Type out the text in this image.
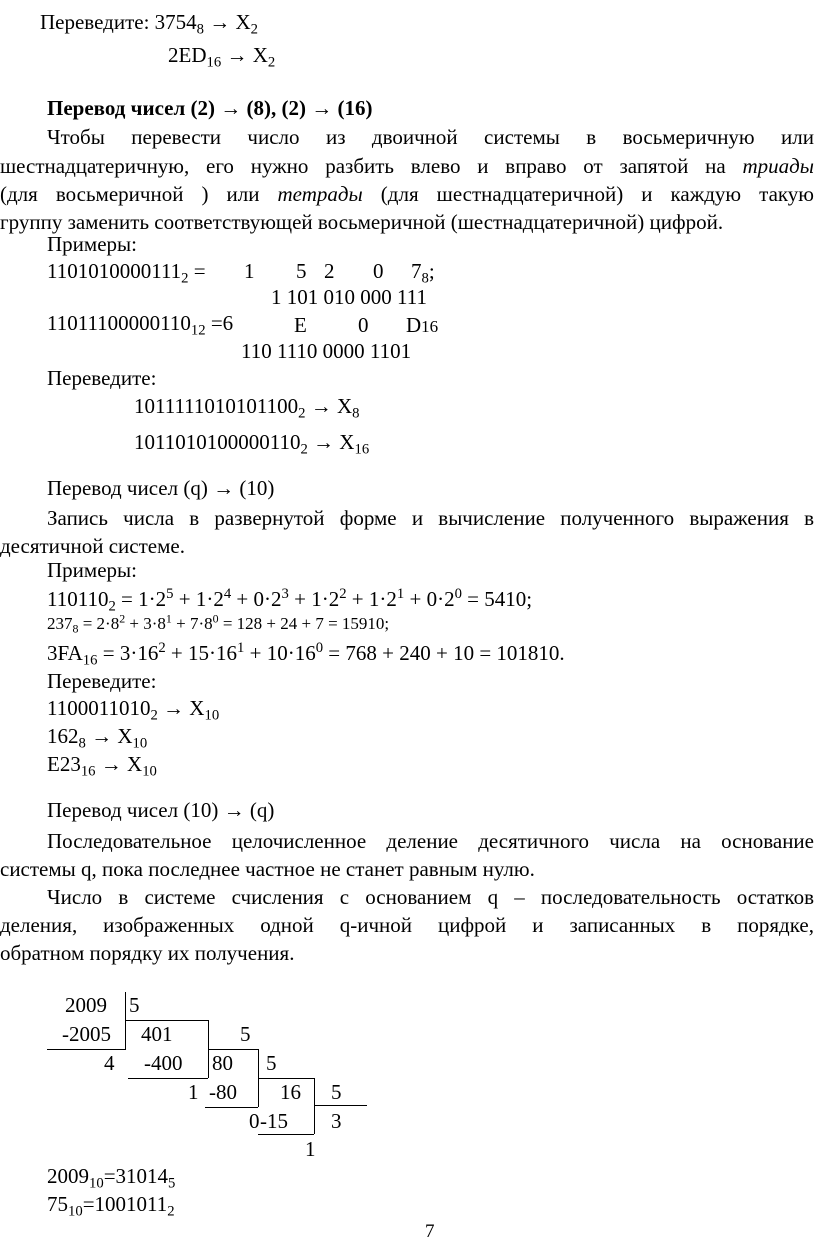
Переведите: $3754_8 \to X_2$
$2ED_{16} \to X_2$
Перевод чисел (2) → (8), (2) → (16)
Чтобы перевести число из двоичной системы в восьмеричную или
шестнадцатеричную, его нужно разбить влево и вправо от запятой на триады
(для восьмеричной ) или тетрады (для шестнадцатеричной) и каждую такую
группу заменить соответствующей восьмеричной (шестнадцатеричной) цифрой.
Примеры:
$1101010000111_2 = 1$ 5 2 0 $7_8$;
1 101 010 000 111
$11011100000110_{12} =6$	E 0 D16
110 1110 0000 1101
Переведите:
$1011111010101100_2 \to X_8$
$1011010100000110_2 \to X_{16}$
Перевод чисел (q) → (10)
Запись числа в развернутой форме и вычисление полученного выражения в
десятичной системе.
Примеры:
$110110_2 = 1\cdot 2^5 + 1\cdot 2^4 + 0\cdot 2^3 + 1\cdot 2^2 + 1\cdot 2^1 + 0\cdot 2^0 = 5410$;
$237_8 = 2\cdot 8^2 + 3\cdot 8^1 + 7\cdot 8^0 = 128 + 24 + 7 = 15910$;
$3FA_{16} = 3\cdot 16^2 + 15\cdot 16^1 + 10\cdot 16^0 = 768 + 240 + 10 = 101810$.
Переведите:
$1100011010_2 \to X_{10}$
$162_8 \to X_{10}$
$E23_{16} \to X_{10}$
Перевод чисел (10) → (q)
Последовательное целочисленное деление десятичного числа на основание
системы q, пока последнее частное не станет равным нулю.
Число в системе счисления с основанием q – последовательность остатков
деления, изображенных одной q-ичной цифрой и записанных в порядке,
обратном порядку их получения.
2009 5
-2005 401	5
4 -400 80 5
1 -80 16 5
0 -15 3
1
$2009_{10}=31014_5$
$75_{10}=1001011_2$
7
